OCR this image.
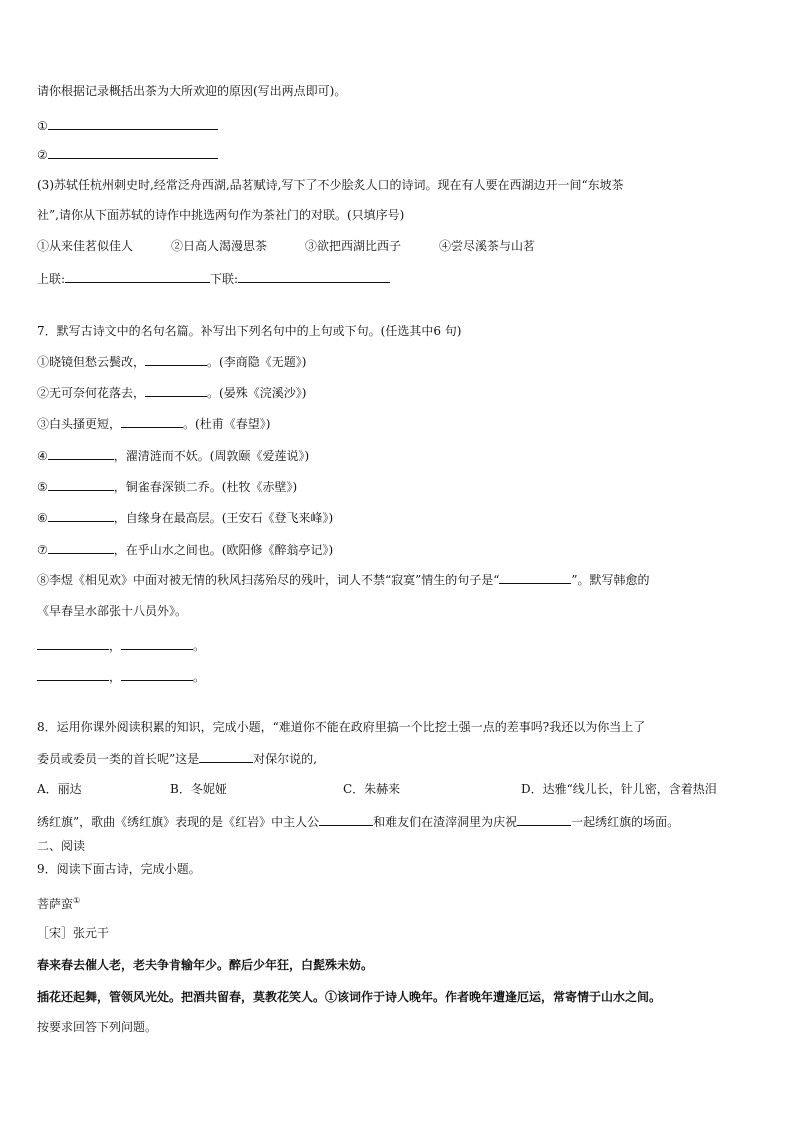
请你根据记录概括出茶为大所欢迎的原因(写出两点即可)。
①
②
(3)苏轼任杭州刺史时,经常泛舟西湖,品茗赋诗,写下了不少脍炙人口的诗词。现在有人要在西湖边开一间“东坡茶
社”,请你从下面苏轼的诗作中挑选两句作为茶社门的对联。(只填序号)
①从来佳茗似佳人	②日高人渴漫思茶	③欲把西湖比西子	④尝尽溪茶与山茗
上联:	下联:
7．默写古诗文中的名句名篇。补写出下列名句中的上句或下句。(任选其中6 句)
①晓镜但愁云鬓改，	。(李商隐《无题》)
②无可奈何花落去，	。(晏殊《浣溪沙》)
③白头搔更短，	。(杜甫《春望》)
④	，濯清涟而不妖。(周敦颐《爱莲说》)
⑤	，铜雀春深锁二乔。(杜牧《赤壁》)
⑥	，自缘身在最高层。(王安石《登飞来峰》)
⑦	，在乎山水之间也。(欧阳修《醉翁亭记》)
⑧李煜《相见欢》中面对被无情的秋风扫荡殆尽的残叶，词人不禁“寂寞”情生的句子是“	”。默写韩愈的
《早春呈水部张十八员外》。
，	。
，	。
8．运用你课外阅读积累的知识，完成小题，“难道你不能在政府里搞一个比挖土强一点的差事吗?我还以为你当上了
委员或委员一类的首长呢”这是	对保尔说的,
A．丽达	B．冬妮娅	C．朱赫来	D．达雅“线儿长，针儿密，含着热泪
绣红旗”，歌曲《绣红旗》表现的是《红岩》中主人公	和难友们在渣滓洞里为庆祝	一起绣红旗的场面。
二、阅读
9．阅读下面古诗，完成小题。
菩萨蛮①
［宋］张元干
春来春去催人老，老夫争肯输年少。醉后少年狂，白髭殊未妨。
插花还起舞，管领风光处。把酒共留春，莫教花笑人。①该词作于诗人晚年。作者晚年遭逢厄运，常寄情于山水之间。
按要求回答下列问题。
